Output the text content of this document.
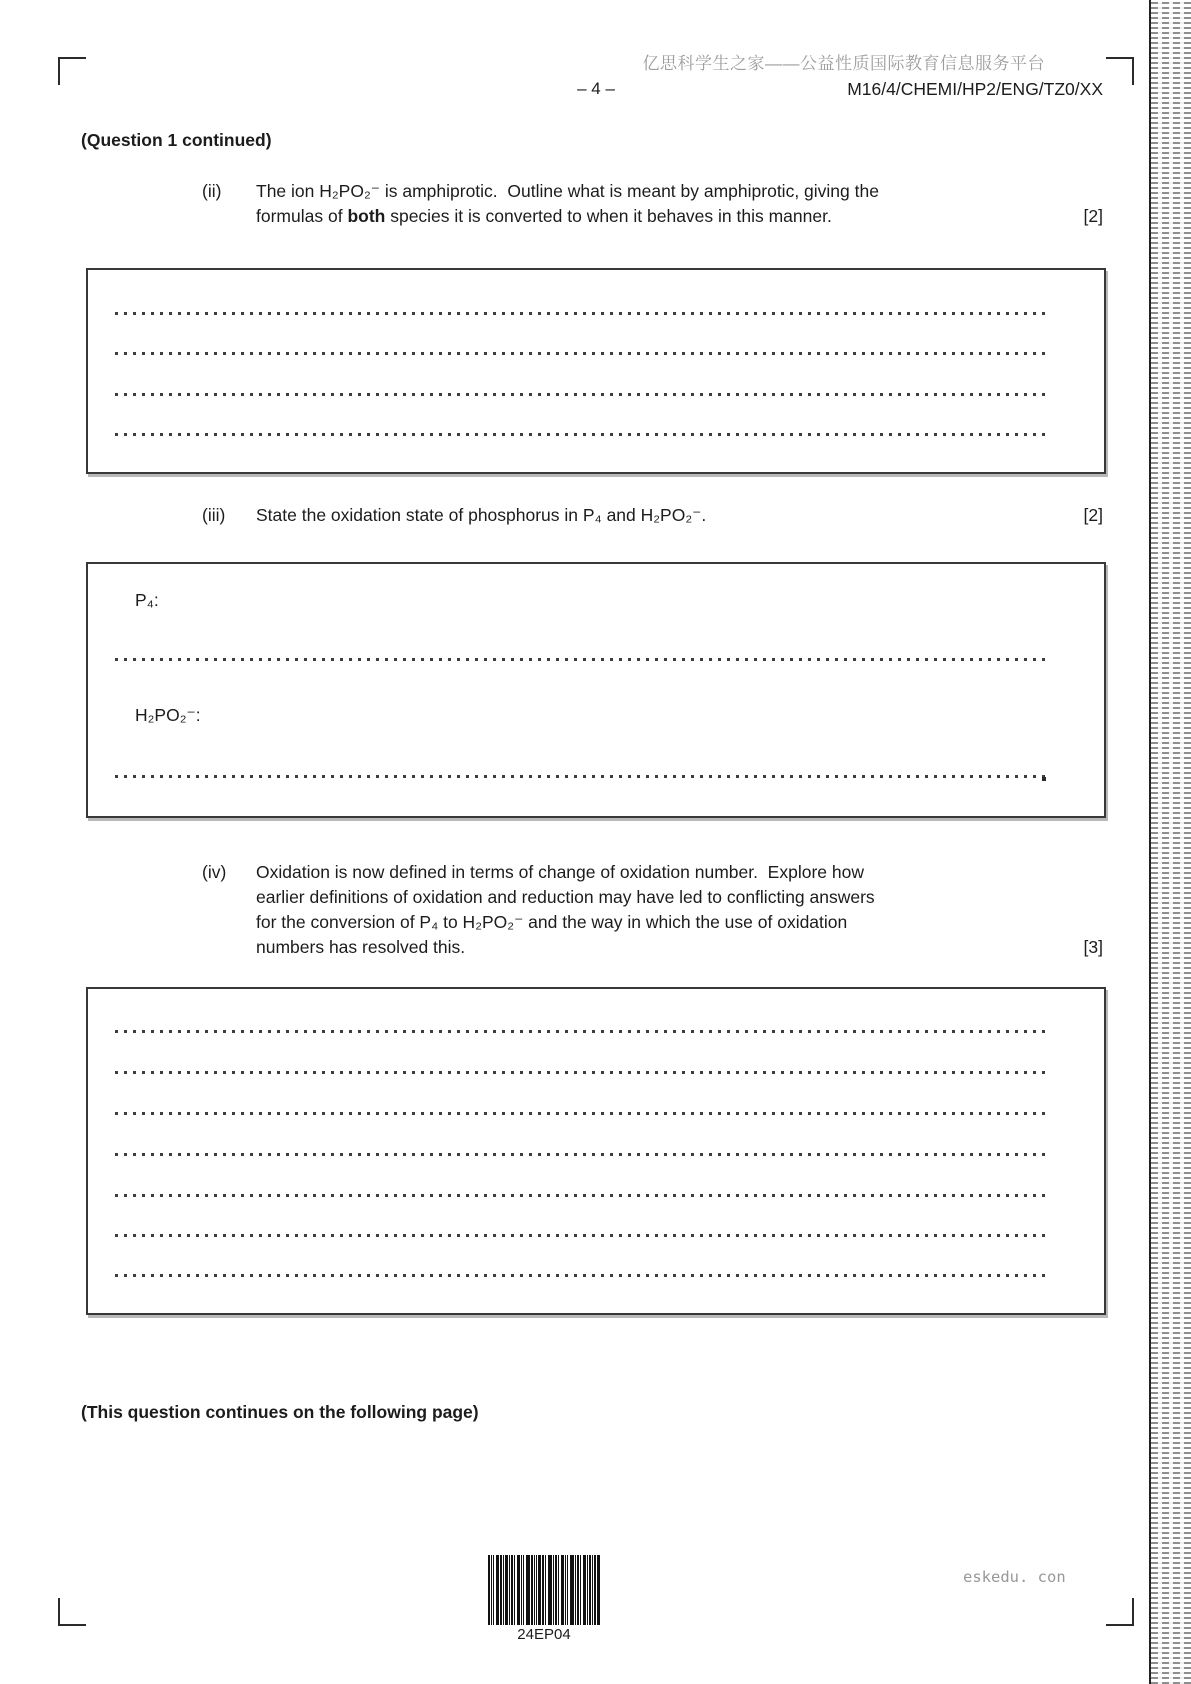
亿思科学生之家——公益性质国际教育信息服务平台
– 4 –	M16/4/CHEMI/HP2/ENG/TZ0/XX
(Question 1 continued)
(ii) The ion H₂PO₂⁻ is amphiprotic.  Outline what is meant by amphiprotic, giving the
formulas of both species it is converted to when it behaves in this manner.	[2]
(iii) State the oxidation state of phosphorus in P₄ and H₂PO₂⁻.	[2]
P₄:
H₂PO₂⁻:
(iv) Oxidation is now defined in terms of change of oxidation number.  Explore how
earlier definitions of oxidation and reduction may have led to conflicting answers
for the conversion of P₄ to H₂PO₂⁻ and the way in which the use of oxidation
numbers has resolved this.	[3]
(This question continues on the following page)
24EP04
eskedu. con
